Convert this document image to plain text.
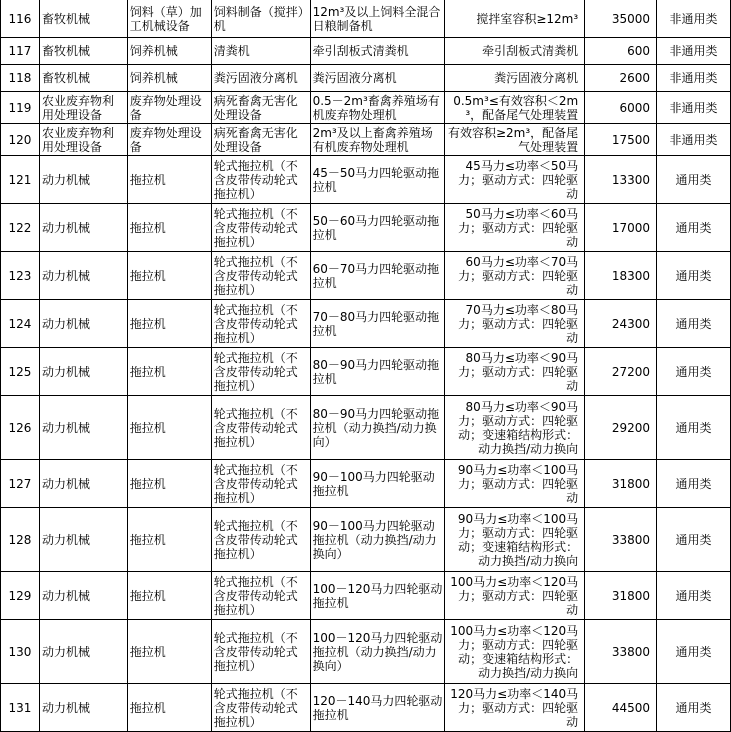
116	畜牧机械	饲料（草）加工机械设备	饲料制备（搅拌）机	12m³及以上饲料全混合日粮制备机	搅拌室容积≥12m³	35000	非通用类
117	畜牧机械	饲养机械	清粪机	牵引刮板式清粪机	牵引刮板式清粪机	600	非通用类
118	畜牧机械	饲养机械	粪污固液分离机	粪污固液分离机	粪污固液分离机	2600	非通用类
119	农业废弃物利用处理设备	废弃物处理设备	病死畜禽无害化处理设备	0.5－2m³畜禽养殖场有机废弃物处理机	0.5m³≤有效容积＜2m³，配备尾气处理装置	6000	非通用类
120	农业废弃物利用处理设备	废弃物处理设备	病死畜禽无害化处理设备	2m³及以上畜禽养殖场有机废弃物处理机	有效容积≥2m³，配备尾气处理装置	17500	非通用类
121	动力机械	拖拉机	轮式拖拉机（不含皮带传动轮式拖拉机）	45－50马力四轮驱动拖拉机	45马力≤功率＜50马力；驱动方式：四轮驱动	13300	通用类
122	动力机械	拖拉机	轮式拖拉机（不含皮带传动轮式拖拉机）	50－60马力四轮驱动拖拉机	50马力≤功率＜60马力；驱动方式：四轮驱动	17000	通用类
123	动力机械	拖拉机	轮式拖拉机（不含皮带传动轮式拖拉机）	60－70马力四轮驱动拖拉机	60马力≤功率＜70马力；驱动方式：四轮驱动	18300	通用类
124	动力机械	拖拉机	轮式拖拉机（不含皮带传动轮式拖拉机）	70－80马力四轮驱动拖拉机	70马力≤功率＜80马力；驱动方式：四轮驱动	24300	通用类
125	动力机械	拖拉机	轮式拖拉机（不含皮带传动轮式拖拉机）	80－90马力四轮驱动拖拉机	80马力≤功率＜90马力；驱动方式：四轮驱动	27200	通用类
126	动力机械	拖拉机	轮式拖拉机（不含皮带传动轮式拖拉机）	80－90马力四轮驱动拖拉机（动力换挡/动力换向）	80马力≤功率＜90马力；驱动方式：四轮驱动；变速箱结构形式：动力换挡/动力换向	29200	通用类
127	动力机械	拖拉机	轮式拖拉机（不含皮带传动轮式拖拉机）	90－100马力四轮驱动拖拉机	90马力≤功率＜100马力；驱动方式：四轮驱动	31800	通用类
128	动力机械	拖拉机	轮式拖拉机（不含皮带传动轮式拖拉机）	90－100马力四轮驱动拖拉机（动力换挡/动力换向）	90马力≤功率＜100马力；驱动方式：四轮驱动；变速箱结构形式：动力换挡/动力换向	33800	通用类
129	动力机械	拖拉机	轮式拖拉机（不含皮带传动轮式拖拉机）	100－120马力四轮驱动拖拉机	100马力≤功率＜120马力；驱动方式：四轮驱动	31800	通用类
130	动力机械	拖拉机	轮式拖拉机（不含皮带传动轮式拖拉机）	100－120马力四轮驱动拖拉机（动力换挡/动力换向）	100马力≤功率＜120马力；驱动方式：四轮驱动；变速箱结构形式：动力换挡/动力换向	33800	通用类
131	动力机械	拖拉机	轮式拖拉机（不含皮带传动轮式拖拉机）	120－140马力四轮驱动拖拉机	120马力≤功率＜140马力；驱动方式：四轮驱动	44500	通用类
